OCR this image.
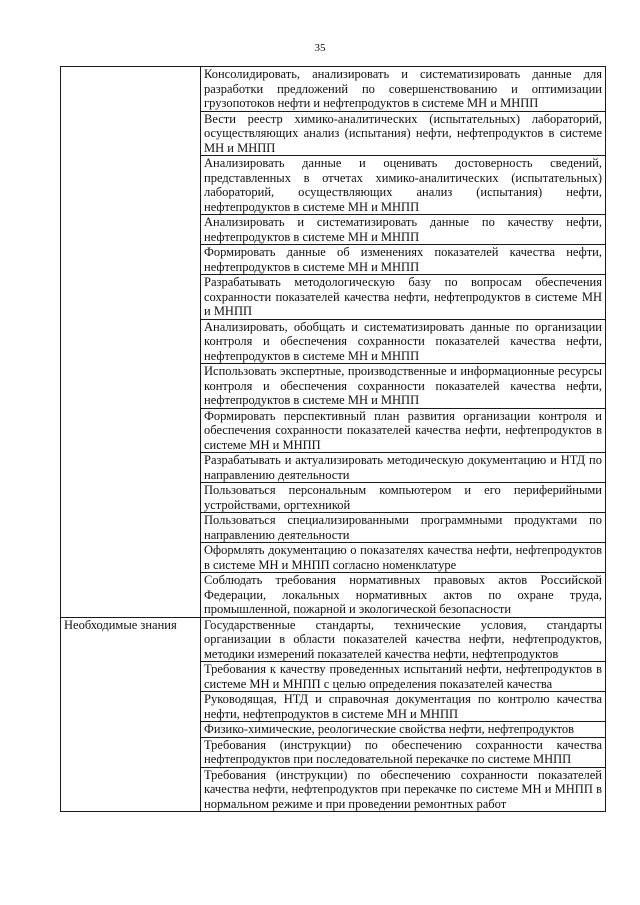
35
	Консолидировать, анализировать и систематизировать данные для разработки предложений по совершенствованию и оптимизации грузопотоков нефти и нефтепродуктов в системе МН и МНПП
	Вести реестр химико-аналитических (испытательных) лабораторий, осуществляющих анализ (испытания) нефти, нефтепродуктов в системе МН и МНПП
	Анализировать данные и оценивать достоверность сведений, представленных в отчетах химико-аналитических (испытательных) лабораторий, осуществляющих анализ (испытания) нефти, нефтепродуктов в системе МН и МНПП
	Анализировать и систематизировать данные по качеству нефти, нефтепродуктов в системе МН и МНПП
	Формировать данные об изменениях показателей качества нефти, нефтепродуктов в системе МН и МНПП
	Разрабатывать методологическую базу по вопросам обеспечения сохранности показателей качества нефти, нефтепродуктов в системе МН и МНПП
	Анализировать, обобщать и систематизировать данные по организации контроля и обеспечения сохранности показателей качества нефти, нефтепродуктов в системе МН и МНПП
	Использовать экспертные, производственные и информационные ресурсы контроля и обеспечения сохранности показателей качества нефти, нефтепродуктов в системе МН и МНПП
	Формировать перспективный план развития организации контроля и обеспечения сохранности показателей качества нефти, нефтепродуктов в системе МН и МНПП
	Разрабатывать и актуализировать методическую документацию и НТД по направлению деятельности
	Пользоваться персональным компьютером и его периферийными устройствами, оргтехникой
	Пользоваться специализированными программными продуктами по направлению деятельности
	Оформлять документацию о показателях качества нефти, нефтепродуктов в системе МН и МНПП согласно номенклатуре
	Соблюдать требования нормативных правовых актов Российской Федерации, локальных нормативных актов по охране труда, промышленной, пожарной и экологической безопасности
Необходимые знания	Государственные стандарты, технические условия, стандарты организации в области показателей качества нефти, нефтепродуктов, методики измерений показателей качества нефти, нефтепродуктов
	Требования к качеству проведенных испытаний нефти, нефтепродуктов в системе МН и МНПП с целью определения показателей качества
	Руководящая, НТД и справочная документация по контролю качества нефти, нефтепродуктов в системе МН и МНПП
	Физико-химические, реологические свойства нефти, нефтепродуктов
	Требования (инструкции) по обеспечению сохранности качества нефтепродуктов при последовательной перекачке по системе МНПП
	Требования (инструкции) по обеспечению сохранности показателей качества нефти, нефтепродуктов при перекачке по системе МН и МНПП в нормальном режиме и при проведении ремонтных работ
